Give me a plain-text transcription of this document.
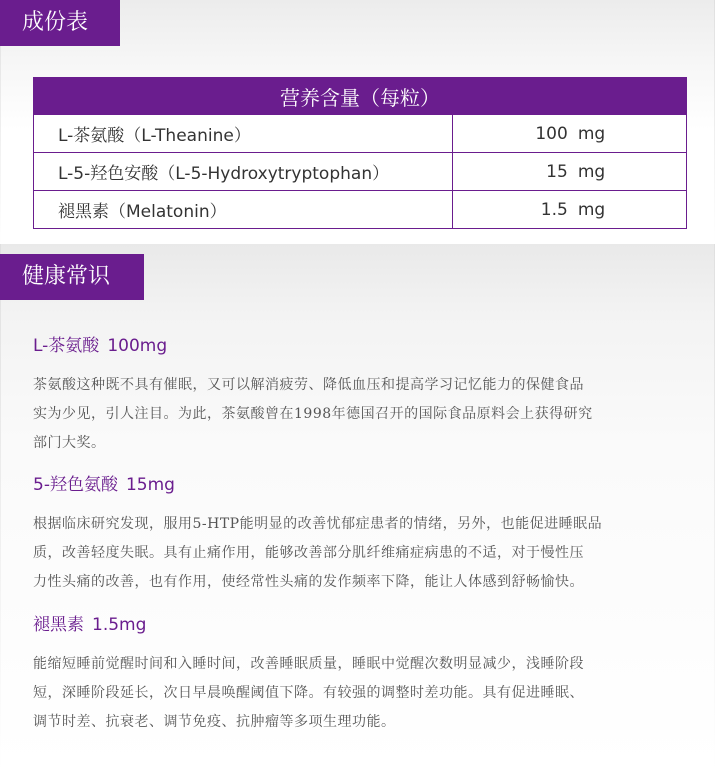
成份表
营养含量（每粒）	
L-茶氨酸（L-Theanine）	100 mg
L-5-羟色安酸（L-5-Hydroxytryptophan）	15 mg
褪黑素（Melatonin）	1.5 mg
健康常识

L-茶氨酸 100mg

茶氨酸这种既不具有催眠，又可以解消疲劳、降低血压和提高学习记忆能力的保健食品
实为少见，引人注目。为此，茶氨酸曾在1998年德国召开的国际食品原料会上获得研究
部门大奖。

5-羟色氨酸 15mg

根据临床研究发现，服用5-HTP能明显的改善忧郁症患者的情绪，另外，也能促进睡眠品
质，改善轻度失眠。具有止痛作用，能够改善部分肌纤维痛症病患的不适，对于慢性压
力性头痛的改善，也有作用，使经常性头痛的发作频率下降，能让人体感到舒畅愉快。

褪黑素 1.5mg

能缩短睡前觉醒时间和入睡时间，改善睡眠质量，睡眠中觉醒次数明显减少，浅睡阶段
短，深睡阶段延长，次日早晨唤醒阈值下降。有较强的调整时差功能。具有促进睡眠、
调节时差、抗衰老、调节免疫、抗肿瘤等多项生理功能。
